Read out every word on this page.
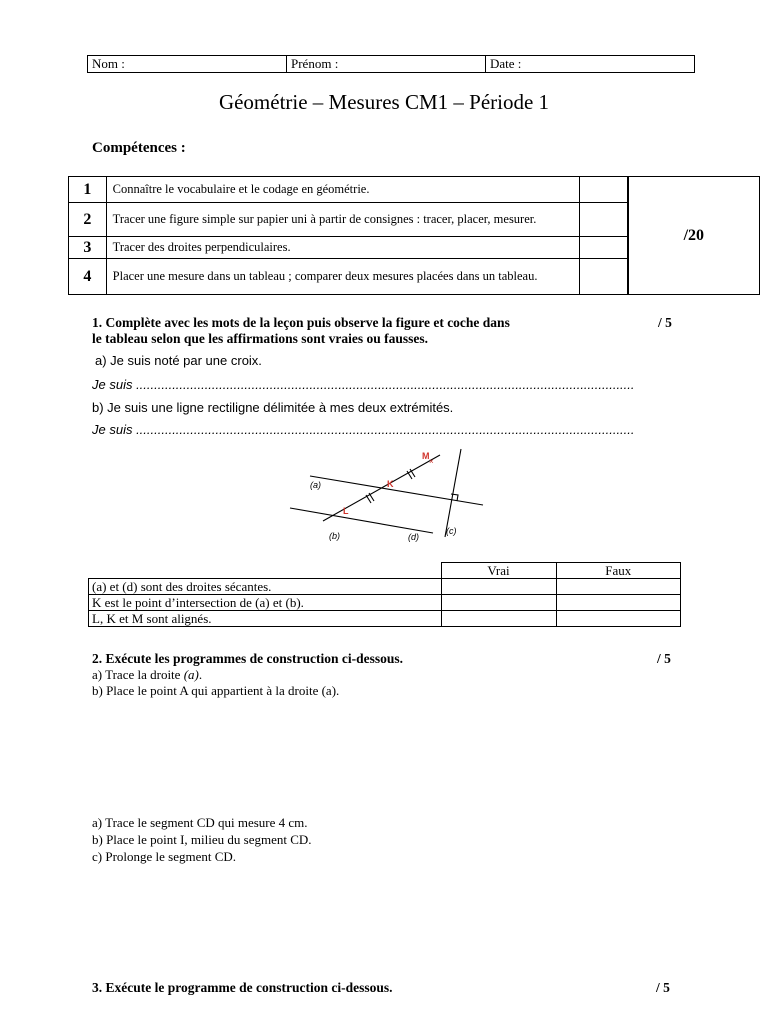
Nom :	Prénom :	Date :
Géométrie – Mesures CM1 – Période 1
Compétences :
1	Connaître le vocabulaire et le codage en géométrie.		/20
2	Tracer une figure simple sur papier uni à partir de consignes : tracer, placer, mesurer.		
3	Tracer des droites perpendiculaires.		
4	Placer une mesure dans un tableau ; comparer deux mesures placées dans un tableau.		
1. Complète avec les mots de la leçon puis observe la figure et coche dans
le tableau selon que les affirmations sont vraies ou fausses.
/ 5
a) Je suis noté par une croix.
Je suis ..........................................................................................................................................
b) Je suis une ligne rectiligne délimitée à mes deux extrémités.
Je suis ..........................................................................................................................................
(a)
(b)	(c)
(d)
K
L
M
×
	Vrai	Faux
(a) et (d) sont des droites sécantes.		
K est le point d’intersection de (a) et (b).		
L, K et M sont alignés.		
2. Exécute les programmes de construction ci-dessous.	/ 5
a) Trace la droite (a).
b) Place le point A qui appartient à la droite (a).
a) Trace le segment CD qui mesure 4 cm.
b) Place le point I, milieu du segment CD.
c) Prolonge le segment CD.
3. Exécute le programme de construction ci-dessous.	/ 5
